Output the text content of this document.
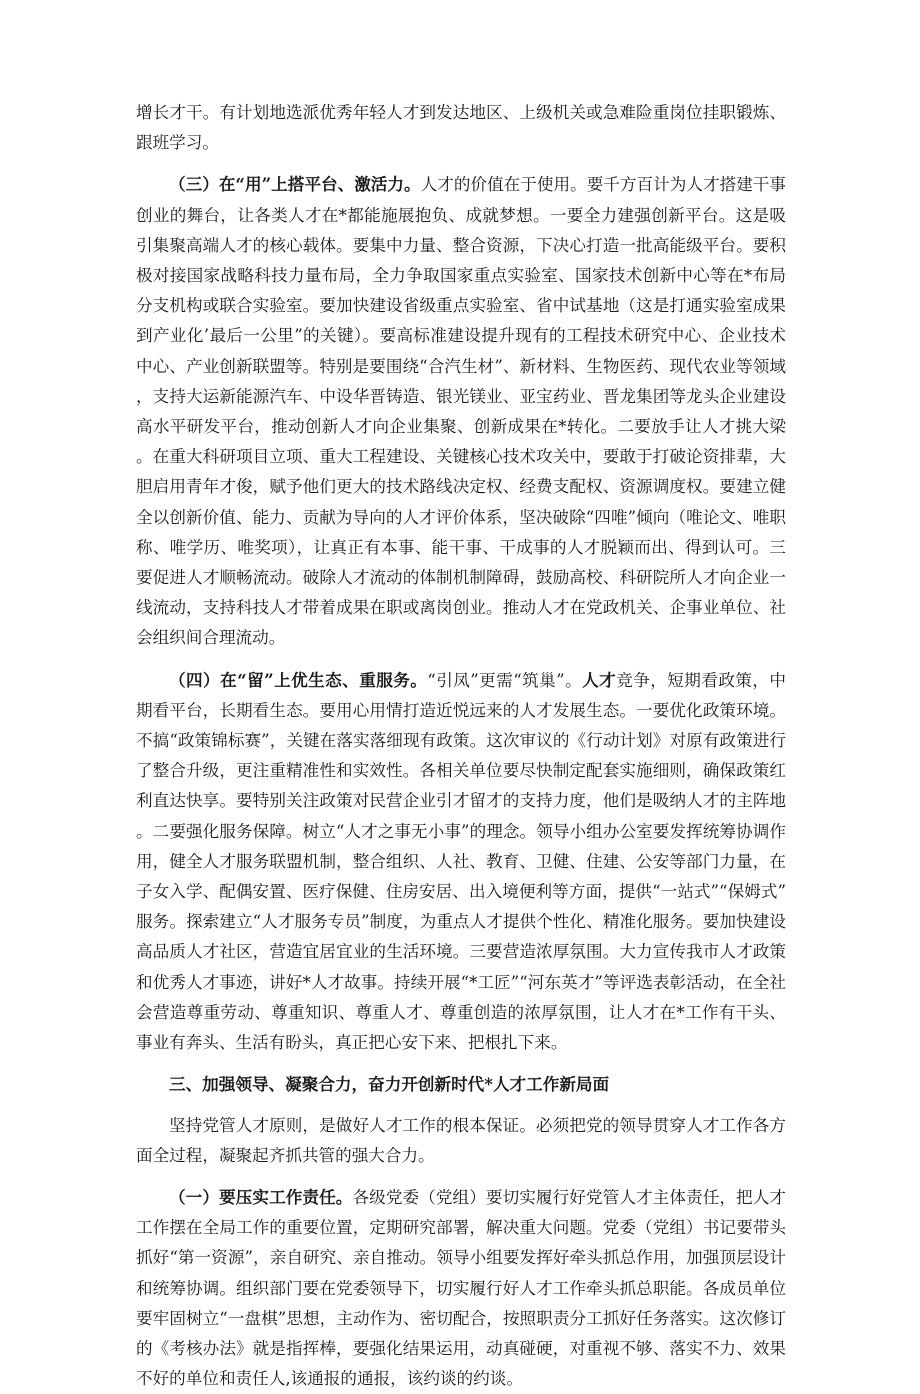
增长才干。有计划地选派优秀年轻人才到发达地区、上级机关或急难险重岗位挂职锻炼、跟班学习。

（三）在“用”上搭平台、激活力。人才的价值在于使用。要千方百计为人才搭建干事创业的舞台，让各类人才在*都能施展抱负、成就梦想。一要全力建强创新平台。这是吸引集聚高端人才的核心载体。要集中力量、整合资源，下决心打造一批高能级平台。要积极对接国家战略科技力量布局，全力争取国家重点实验室、国家技术创新中心等在*布局分支机构或联合实验室。要加快建设省级重点实验室、省中试基地（这是打通实验室成果到产业化’最后一公里”的关键）。要高标准建设提升现有的工程技术研究中心、企业技术中心、产业创新联盟等。特别是要围绕“合汽生材”、新材料、生物医药、现代农业等领域，支持大运新能源汽车、中设华晋铸造、银光镁业、亚宝药业、晋龙集团等龙头企业建设高水平研发平台，推动创新人才向企业集聚、创新成果在*转化。二要放手让人才挑大梁。在重大科研项目立项、重大工程建设、关键核心技术攻关中，要敢于打破论资排辈，大胆启用青年才俊，赋予他们更大的技术路线决定权、经费支配权、资源调度权。要建立健全以创新价值、能力、贡献为导向的人才评价体系，坚决破除“四唯”倾向（唯论文、唯职称、唯学历、唯奖项），让真正有本事、能干事、干成事的人才脱颖而出、得到认可。三要促进人才顺畅流动。破除人才流动的体制机制障碍，鼓励高校、科研院所人才向企业一线流动，支持科技人才带着成果在职或离岗创业。推动人才在党政机关、企事业单位、社会组织间合理流动。

（四）在“留”上优生态、重服务。“引凤”更需“筑巢”。人才竞争，短期看政策，中期看平台，长期看生态。要用心用情打造近悦远来的人才发展生态。一要优化政策环境。不搞“政策锦标赛”，关键在落实落细现有政策。这次审议的《行动计划》对原有政策进行了整合升级，更注重精准性和实效性。各相关单位要尽快制定配套实施细则，确保政策红利直达快享。要特别关注政策对民营企业引才留才的支持力度，他们是吸纳人才的主阵地。二要强化服务保障。树立“人才之事无小事”的理念。领导小组办公室要发挥统筹协调作用，健全人才服务联盟机制，整合组织、人社、教育、卫健、住建、公安等部门力量，在子女入学、配偶安置、医疗保健、住房安居、出入境便利等方面，提供“一站式”“保姆式”服务。探索建立“人才服务专员”制度，为重点人才提供个性化、精准化服务。要加快建设高品质人才社区，营造宜居宜业的生活环境。三要营造浓厚氛围。大力宣传我市人才政策和优秀人才事迹，讲好*人才故事。持续开展“*工匠”“河东英才”等评选表彰活动，在全社会营造尊重劳动、尊重知识、尊重人才、尊重创造的浓厚氛围，让人才在*工作有干头、事业有奔头、生活有盼头，真正把心安下来、把根扎下来。

三、加强领导、凝聚合力，奋力开创新时代*人才工作新局面

坚持党管人才原则，是做好人才工作的根本保证。必须把党的领导贯穿人才工作各方面全过程，凝聚起齐抓共管的强大合力。

（一）要压实工作责任。各级党委（党组）要切实履行好党管人才主体责任，把人才工作摆在全局工作的重要位置，定期研究部署，解决重大问题。党委（党组）书记要带头抓好“第一资源”，亲自研究、亲自推动。领导小组要发挥好牵头抓总作用，加强顶层设计和统筹协调。组织部门要在党委领导下，切实履行好人才工作牵头抓总职能。各成员单位要牢固树立“一盘棋”思想，主动作为、密切配合，按照职责分工抓好任务落实。这次修订的《考核办法》就是指挥棒，要强化结果运用，动真碰硬，对重视不够、落实不力、效果不好的单位和责任人,该通报的通报，该约谈的约谈。
